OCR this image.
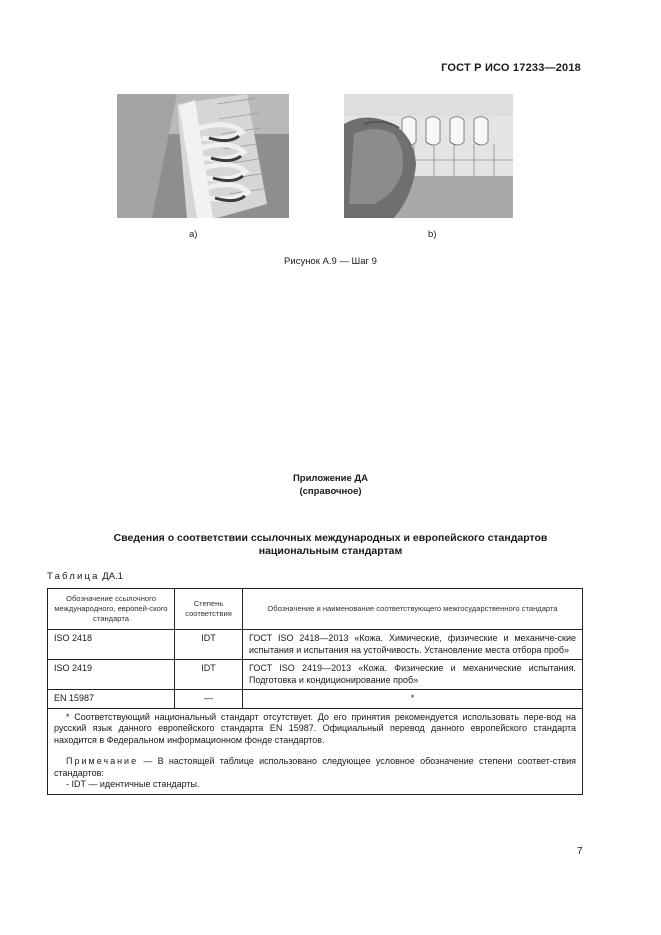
ГОСТ Р ИСО 17233—2018
a)	b)
Рисунок А.9 — Шаг 9
Приложение ДА
(справочное)
Сведения о соответствии ссылочных международных и европейского стандартов
национальным стандартам
Таблица ДА.1
Обозначение ссылочного международного, европей-ского стандарта	Степень соответствия	Обозначение и наименование соответствующего межгосударственного стандарта
ISO 2418	IDT	ГОСТ ISO 2418—2013 «Кожа. Химические, физические и механиче-ские испытания и испытания на устойчивость. Установление места отбора проб»
ISO 2419	IDT	ГОСТ ISO 2419—2013 «Кожа. Физические и механические испытания. Подготовка и кондиционирование проб»
EN 15987	—	*

* Соответствующий национальный стандарт отсутствует. До его принятия рекомендуется использовать пере-вод на русский язык данного европейского стандарта EN 15987. Официальный перевод данного европейского стандарта находится в Федеральном информационном фонде стандартов.

Примечание — В настоящей таблице использовано следующее условное обозначение степени соответ-ствия стандартов:

- IDT — идентичные стандарты.		

7
